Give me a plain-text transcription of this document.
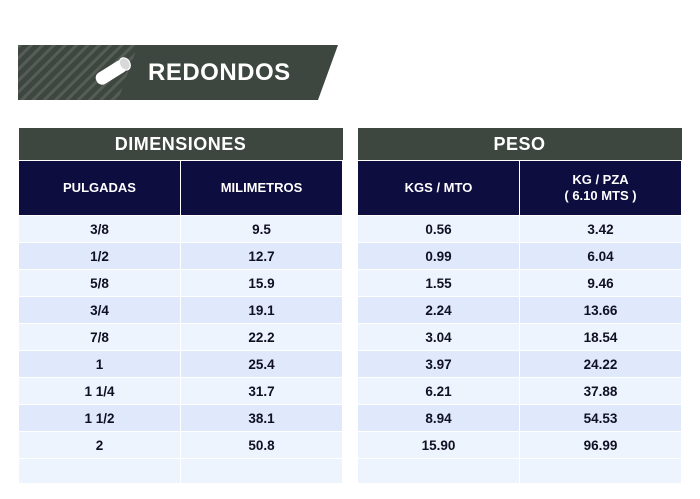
REDONDOS
DIMENSIONES	
PULGADAS	MILIMETROS
3/8	9.5
1/2	12.7
5/8	15.9
3/4	19.1
7/8	22.2
1	25.4
1 1/4	31.7
1 1/2	38.1
2	50.8

PESO	
KGS / MTO	KG / PZA
( 6.10 MTS )

0.56	3.42
0.99	6.04
1.55	9.46
2.24	13.66
3.04	18.54
3.97	24.22
6.21	37.88
8.94	54.53
15.90	96.99
